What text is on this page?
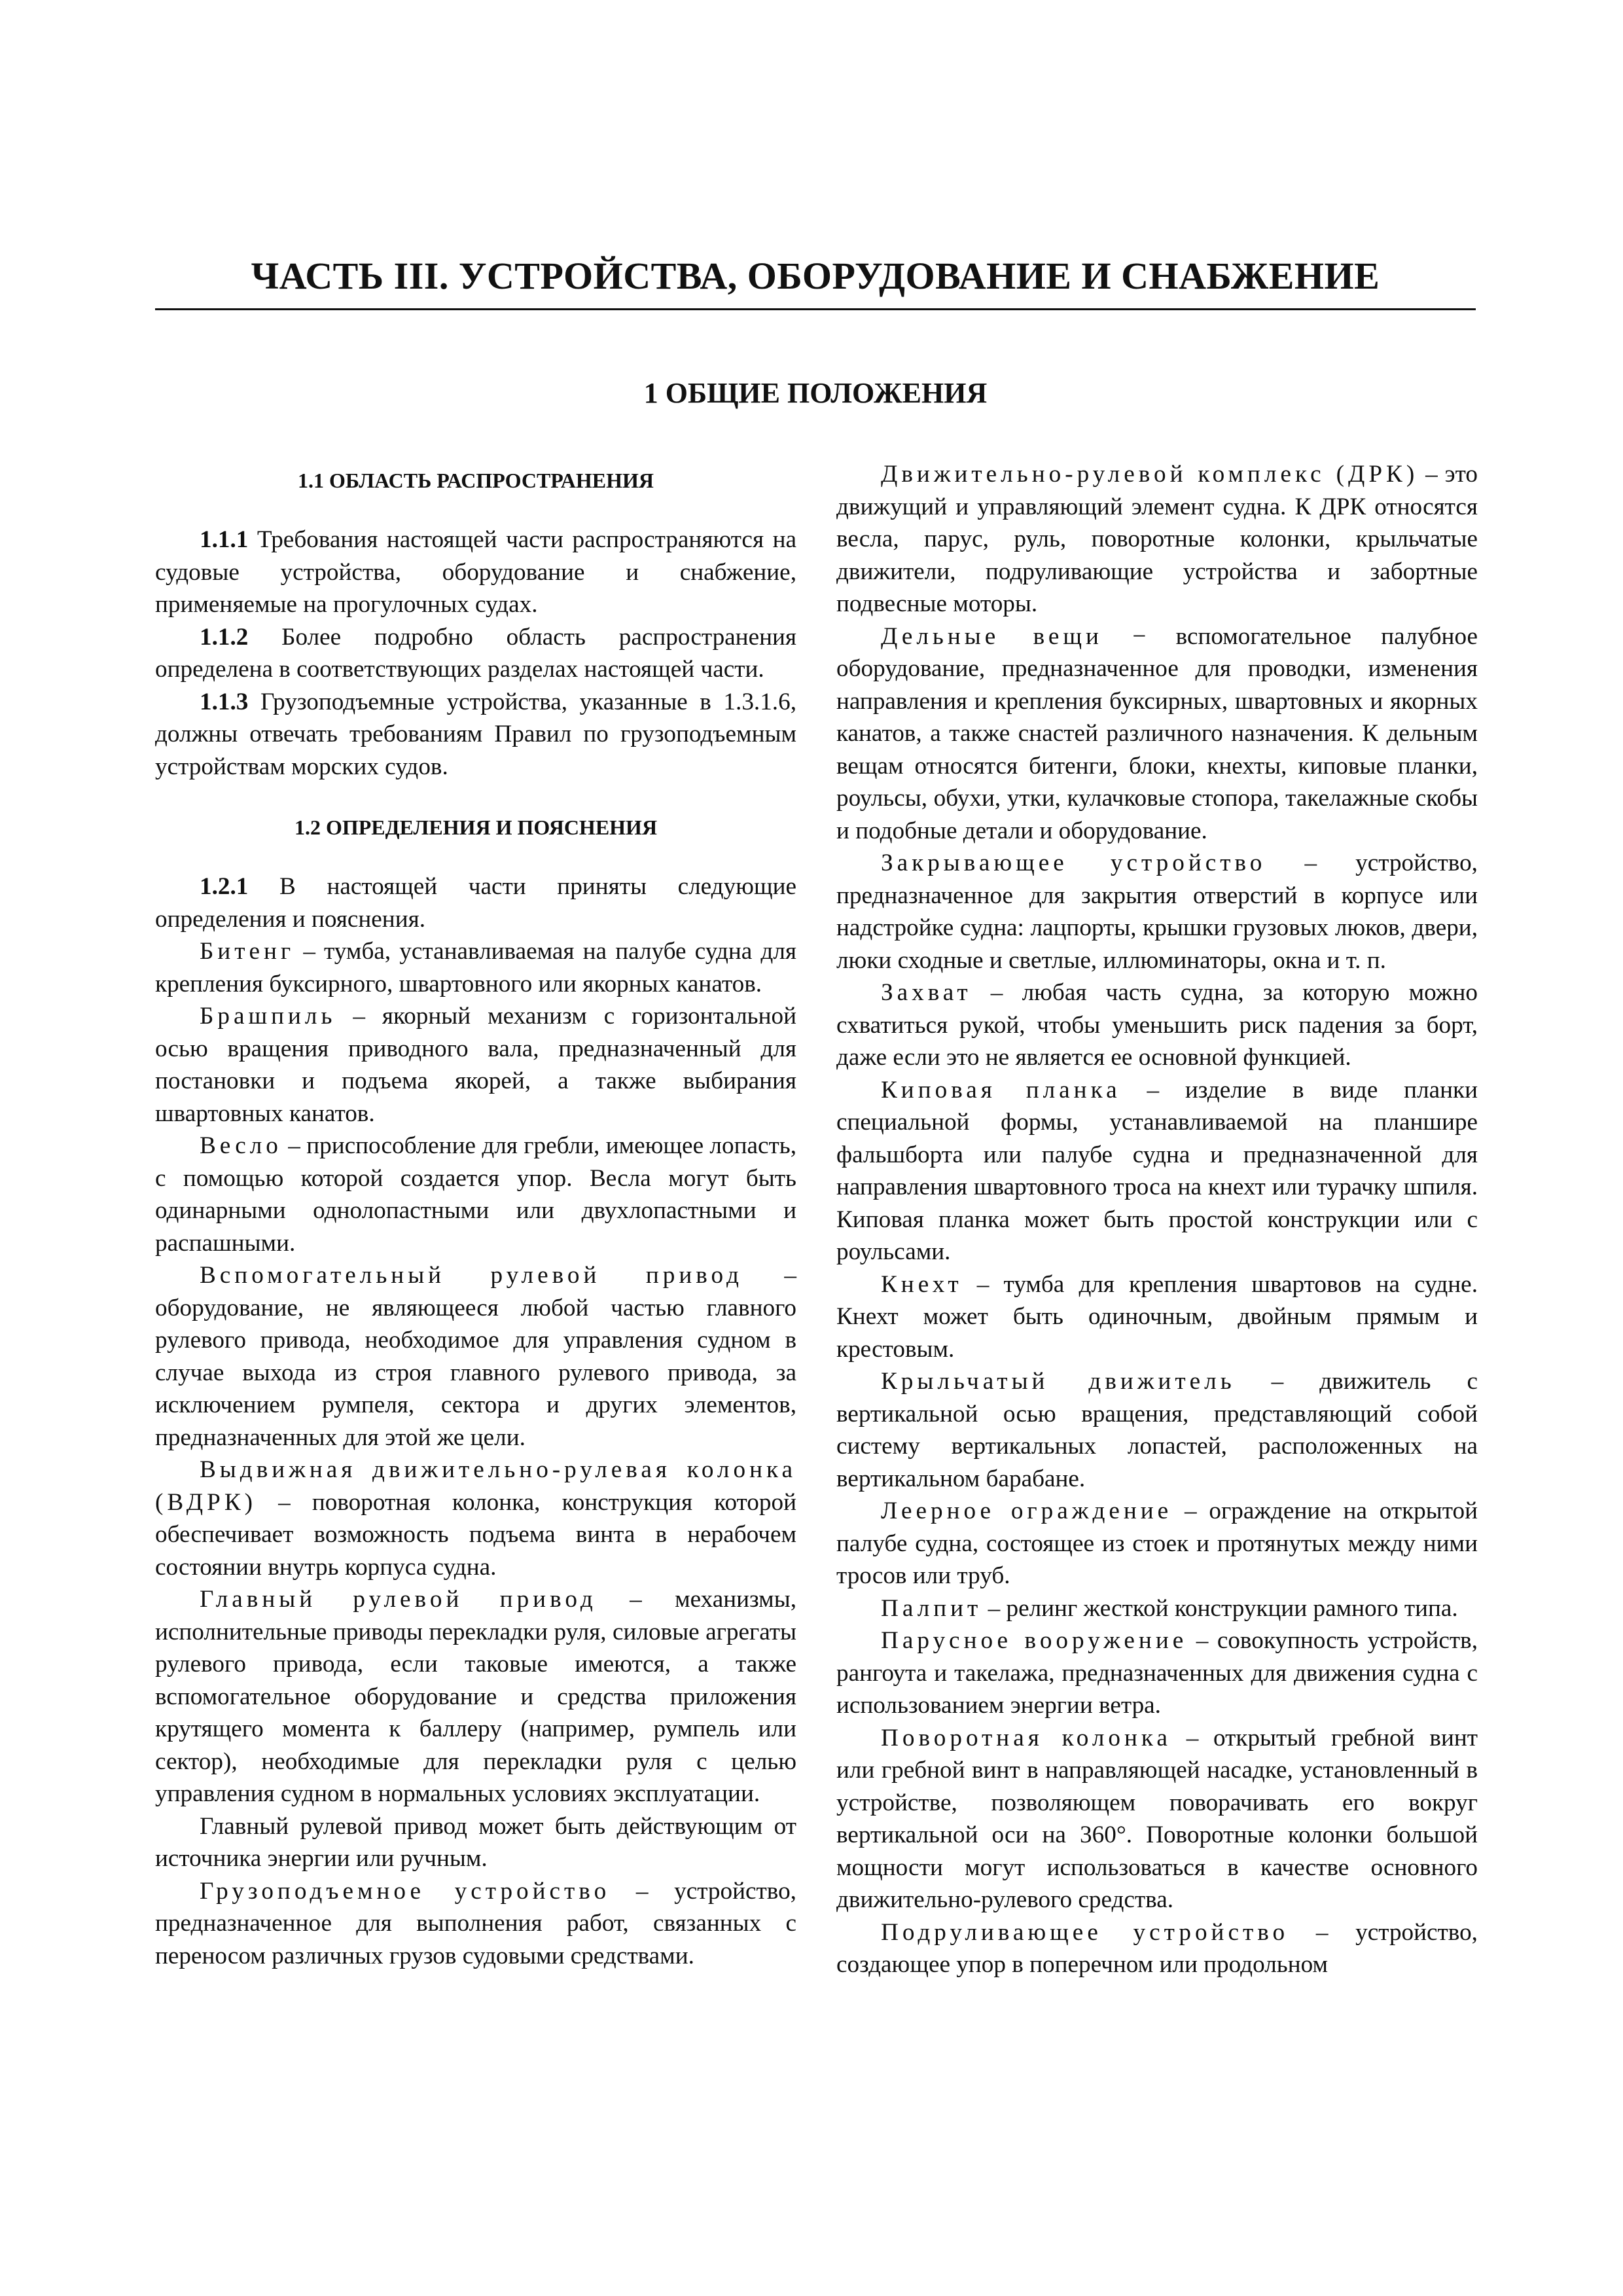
ЧАСТЬ III. УСТРОЙСТВА, ОБОРУДОВАНИЕ И СНАБЖЕНИЕ
1 ОБЩИЕ ПОЛОЖЕНИЯ
1.1 ОБЛАСТЬ РАСПРОСТРАНЕНИЯ

1.1.1 Требования настоящей части распространяются на судовые устройства, оборудование и снабжение, применяемые на прогулочных судах.

1.1.2 Более подробно область распространения определена в соответствующих разделах настоящей части.

1.1.3 Грузоподъемные устройства, указанные в 1.3.1.6, должны отвечать требованиям Правил по грузоподъемным устройствам морских судов.

1.2 ОПРЕДЕЛЕНИЯ И ПОЯСНЕНИЯ

1.2.1 В настоящей части приняты следующие определения и пояснения.

Битенг – тумба, устанавливаемая на палубе судна для крепления буксирного, швартовного или якорных канатов.

Брашпиль – якорный механизм с горизонтальной осью вращения приводного вала, предназначенный для постановки и подъема якорей, а также выбирания швартовных канатов.

Весло – приспособление для гребли, имеющее лопасть, с помощью которой создается упор. Весла могут быть одинарными однолопастными или двухлопастными и распашными.

Вспомогательный рулевой привод – оборудование, не являющееся любой частью главного рулевого привода, необходимое для управления судном в случае выхода из строя главного рулевого привода, за исключением румпеля, сектора и других элементов, предназначенных для этой же цели.

Выдвижная движительно-рулевая колонка (ВДРК) – поворотная колонка, конструкция которой обеспечивает возможность подъема винта в нерабочем состоянии внутрь корпуса судна.

Главный рулевой привод – механизмы, исполнительные приводы перекладки руля, силовые агрегаты рулевого привода, если таковые имеются, а также вспомогательное оборудование и средства приложения крутящего момента к баллеру (например, румпель или сектор), необходимые для перекладки руля с целью управления судном в нормальных условиях эксплуатации.

Главный рулевой привод может быть действующим от источника энергии или ручным.

Грузоподъемное устройство – устройство, предназначенное для выполнения работ, связанных с переносом различных грузов судовыми средствами.

Движительно-рулевой комплекс (ДРК) – это движущий и управляющий элемент судна. К ДРК относятся весла, парус, руль, поворотные колонки, крыльчатые движители, подруливающие устройства и забортные подвесные моторы.

Дельные вещи − вспомогательное палубное оборудование, предназначенное для проводки, изменения направления и крепления буксирных, швартовных и якорных канатов, а также снастей различного назначения. К дельным вещам относятся битенги, блоки, кнехты, киповые планки, роульсы, обухи, утки, кулачковые стопора, такелажные скобы и подобные детали и оборудование.

Закрывающее устройство – устройство, предназначенное для закрытия отверстий в корпусе или надстройке судна: лацпорты, крышки грузовых люков, двери, люки сходные и светлые, иллюминаторы, окна и т. п.

Захват – любая часть судна, за которую можно схватиться рукой, чтобы уменьшить риск падения за борт, даже если это не является ее основной функцией.

Киповая планка – изделие в виде планки специальной формы, устанавливаемой на планшире фальшборта или палубе судна и предназначенной для направления швартовного троса на кнехт или турачку шпиля. Киповая планка может быть простой конструкции или с роульсами.

Кнехт – тумба для крепления швартовов на судне. Кнехт может быть одиночным, двойным прямым и крестовым.

Крыльчатый движитель – движитель с вертикальной осью вращения, представляющий собой систему вертикальных лопастей, расположенных на вертикальном барабане.

Леерное ограждение – ограждение на открытой палубе судна, состоящее из стоек и протянутых между ними тросов или труб.

Палпит – релинг жесткой конструкции рамного типа.

Парусное вооружение – совокупность устройств, рангоута и такелажа, предназначенных для движения судна с использованием энергии ветра.

Поворотная колонка – открытый гребной винт или гребной винт в направляющей насадке, установленный в устройстве, позволяющем поворачивать его вокруг вертикальной оси на 360°. Поворотные колонки большой мощности могут использоваться в качестве основного движительно-рулевого средства.

Подруливающее устройство – устройство, создающее упор в поперечном или продольном
